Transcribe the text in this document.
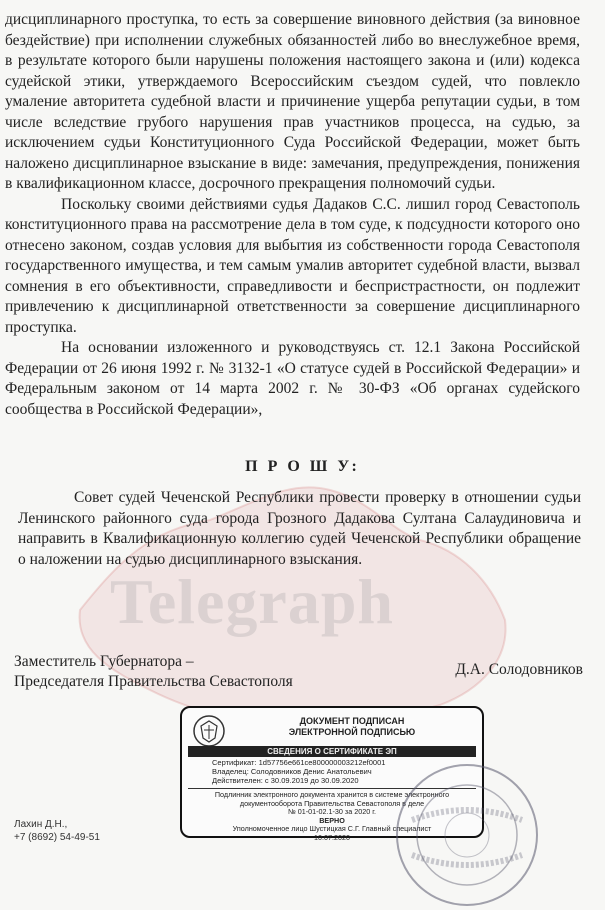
Telegraph

дисциплинарного проступка, то есть за совершение виновного действия (за виновное бездействие) при исполнении служебных обязанностей либо во внеслужебное время, в результате которого были нарушены положения настоящего закона и (или) кодекса судейской этики, утверждаемого Всероссийским съездом судей, что повлекло умаление авторитета судебной власти и причинение ущерба репутации судьи, в том числе вследствие грубого нарушения прав участников процесса, на судью, за исключением судьи Конституционного Суда Российской Федерации, может быть наложено дисциплинарное взыскание в виде: замечания, предупреждения, понижения в квалификационном классе, досрочного прекращения полномочий судьи.

Поскольку своими действиями судья Дадаков С.С. лишил город Севастополь конституционного права на рассмотрение дела в том суде, к подсудности которого оно отнесено законом, создав условия для выбытия из собственности города Севастополя государственного имущества, и тем самым умалив авторитет судебной власти, вызвал сомнения в его объективности, справедливости и беспристрастности, он подлежит привлечению к дисциплинарной ответственности за совершение дисциплинарного проступка.

На основании изложенного и руководствуясь ст. 12.1 Закона Российской Федерации от 26 июня 1992 г. № 3132-1 «О статусе судей в Российской Федерации» и Федеральным законом от 14 марта 2002 г. № 30-ФЗ «Об органах судейского сообщества в Российской Федерации»,

П Р О Ш У:

Совет судей Чеченской Республики провести проверку в отношении судьи Ленинского районного суда города Грозного Дадакова Султана Салаудиновича и направить в Квалификационную коллегию судей Чеченской Республики обращение о наложении на судью дисциплинарного взыскания.

Заместитель Губернатора –
Председателя Правительства Севастополя
Д.А. Солодовников
ДОКУМЕНТ ПОДПИСАН
ЭЛЕКТРОННОЙ ПОДПИСЬЮ
СВЕДЕНИЯ О СЕРТИФИКАТЕ ЭП
Сертификат: 1d57756e661ce800000003212ef0001
Владелец: Солодовников Денис Анатольевич
Действителен: с 30.09.2019 до 30.09.2020
Подлинник электронного документа хранится в системе электронного
документооборота Правительства Севастополя в деле
№ 01-01-02.1-30 за 2020 г.
ВЕРНО
Уполномоченное лицо Шустицкая С.Г. Главный специалист
10.07.2020
Лахин Д.Н.,
+7 (8692) 54-49-51
